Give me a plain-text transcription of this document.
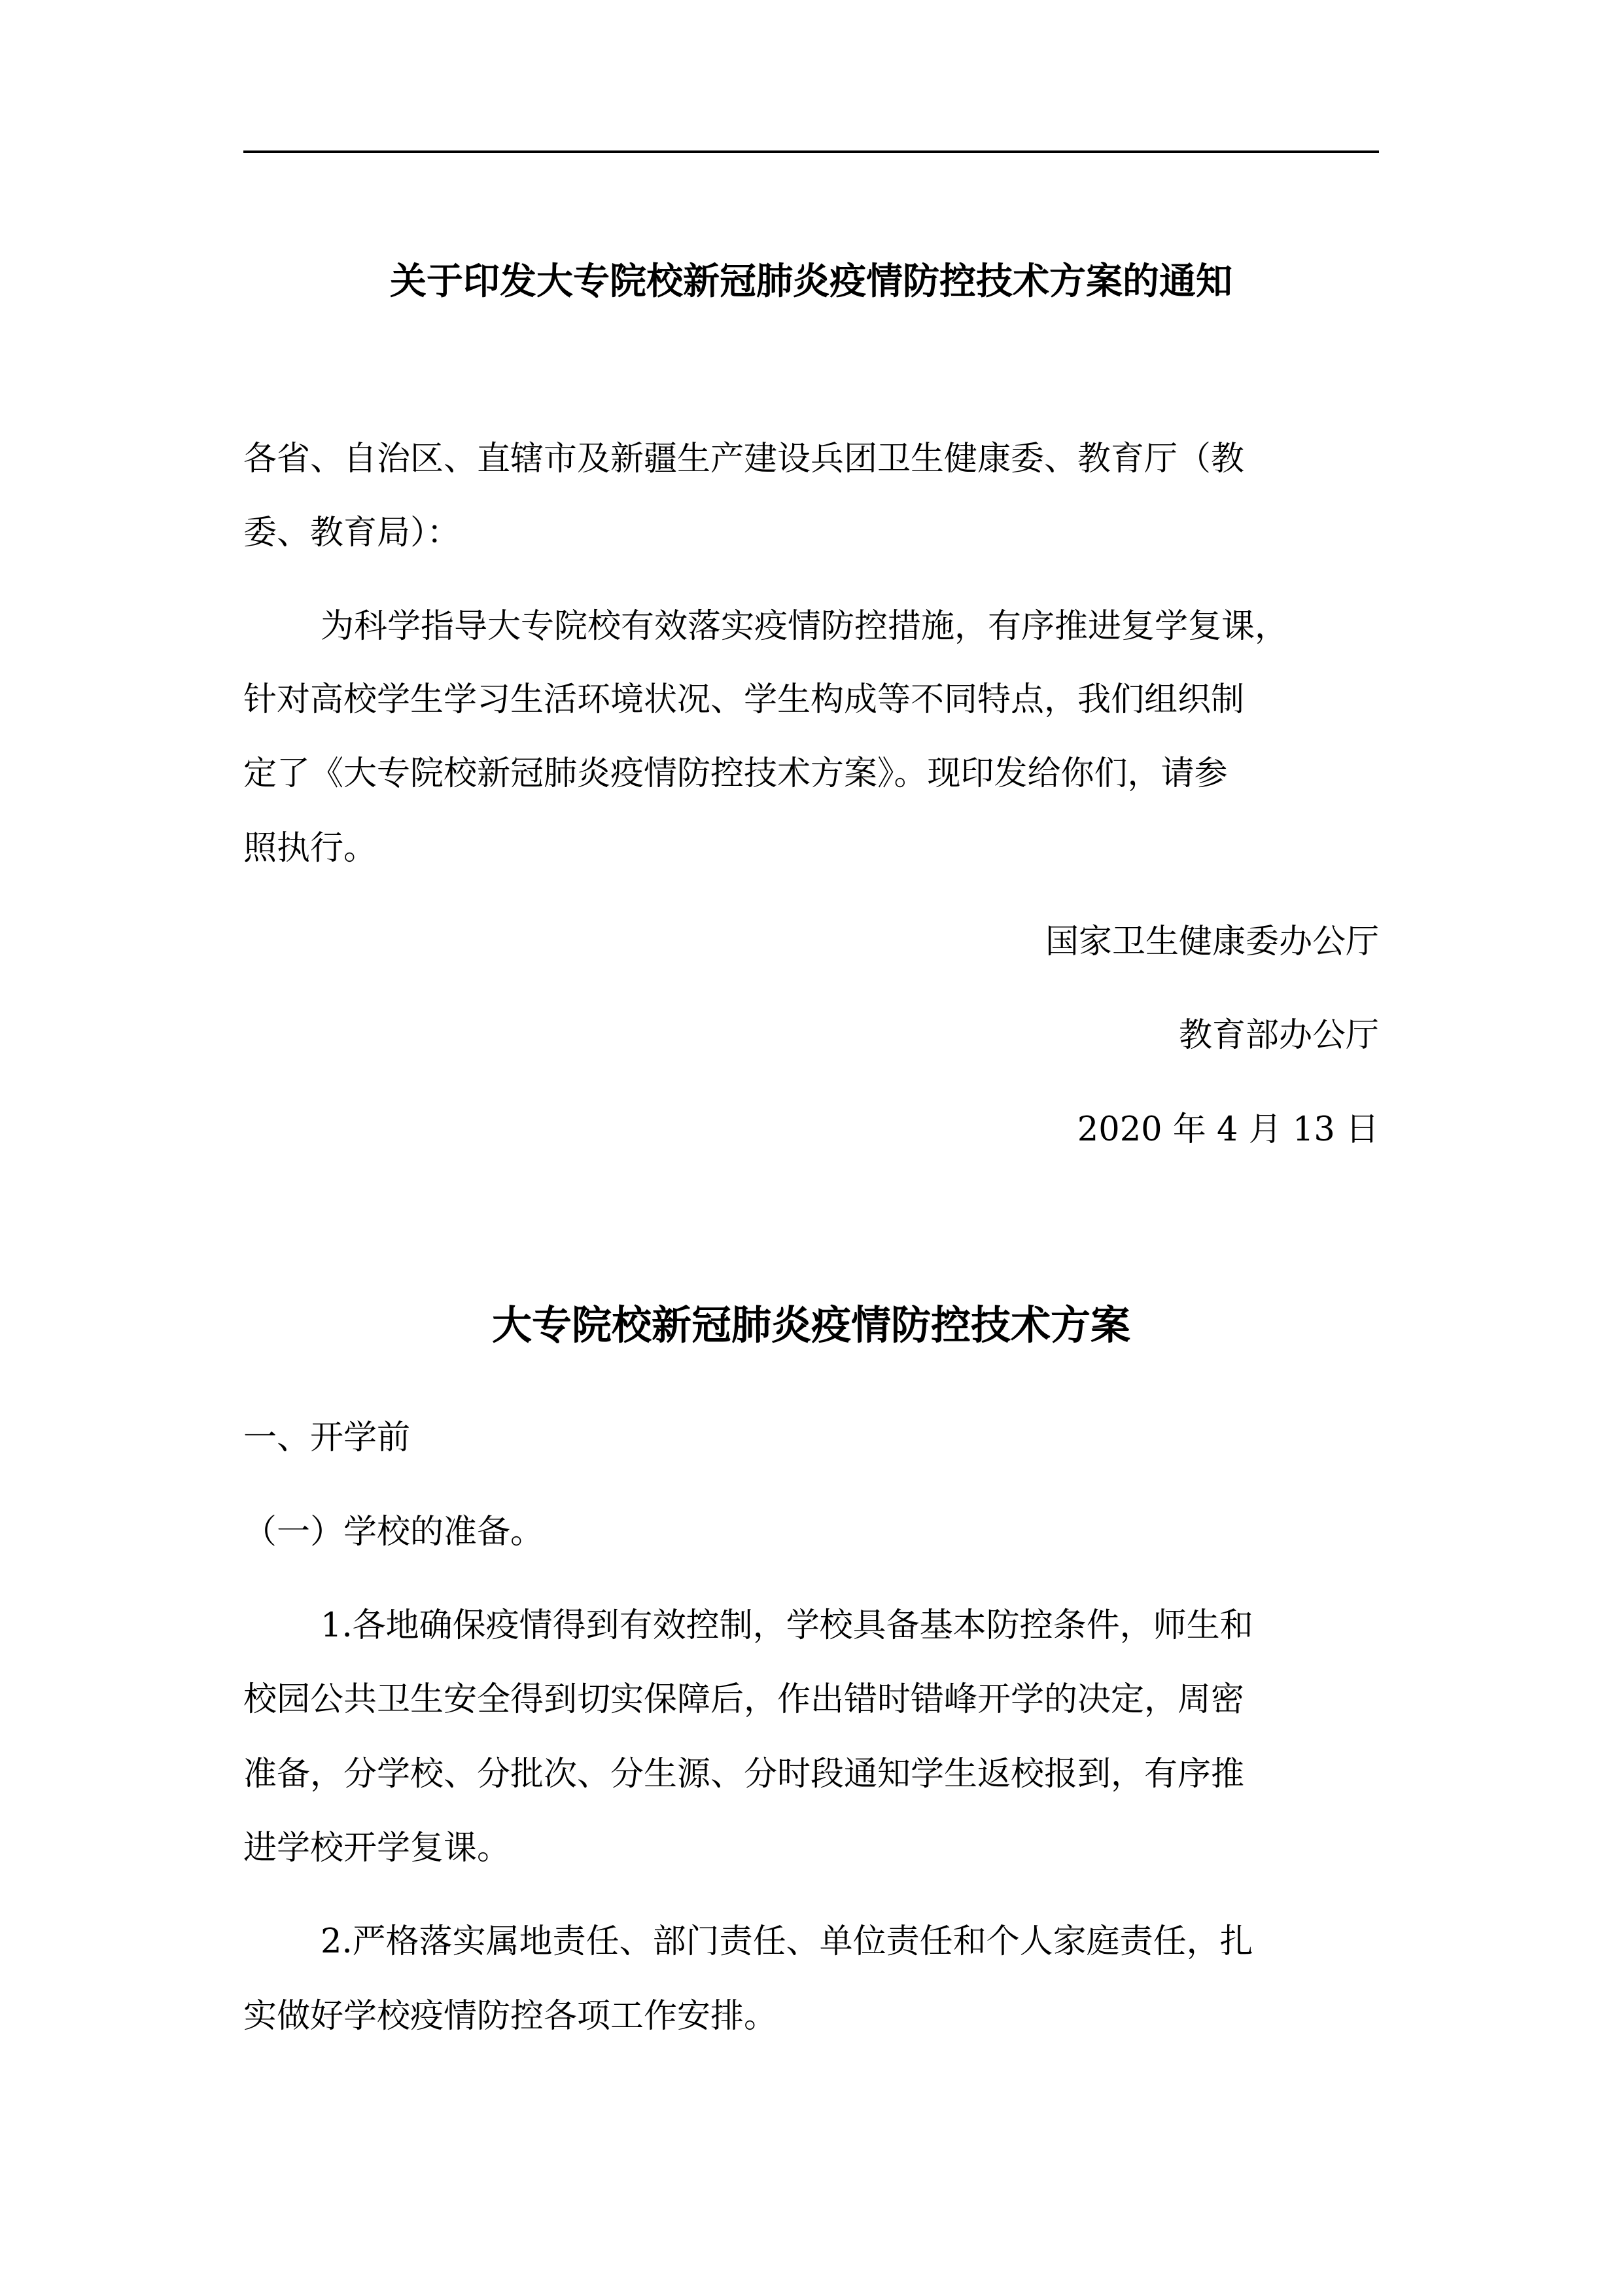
关于印发大专院校新冠肺炎疫情防控技术方案的通知

各省、自治区、直辖市及新疆生产建设兵团卫生健康委、教育厅（教

委、教育局）：

为科学指导大专院校有效落实疫情防控措施，有序推进复学复课，

针对高校学生学习生活环境状况、学生构成等不同特点，我们组织制

定了《大专院校新冠肺炎疫情防控技术方案》。现印发给你们，请参

照执行。

国家卫生健康委办公厅

教育部办公厅

2020 年 4 月 13 日

大专院校新冠肺炎疫情防控技术方案

一、开学前

（一）学校的准备。

1.各地确保疫情得到有效控制，学校具备基本防控条件，师生和

校园公共卫生安全得到切实保障后，作出错时错峰开学的决定，周密

准备，分学校、分批次、分生源、分时段通知学生返校报到，有序推

进学校开学复课。

2.严格落实属地责任、部门责任、单位责任和个人家庭责任，扎

实做好学校疫情防控各项工作安排。
